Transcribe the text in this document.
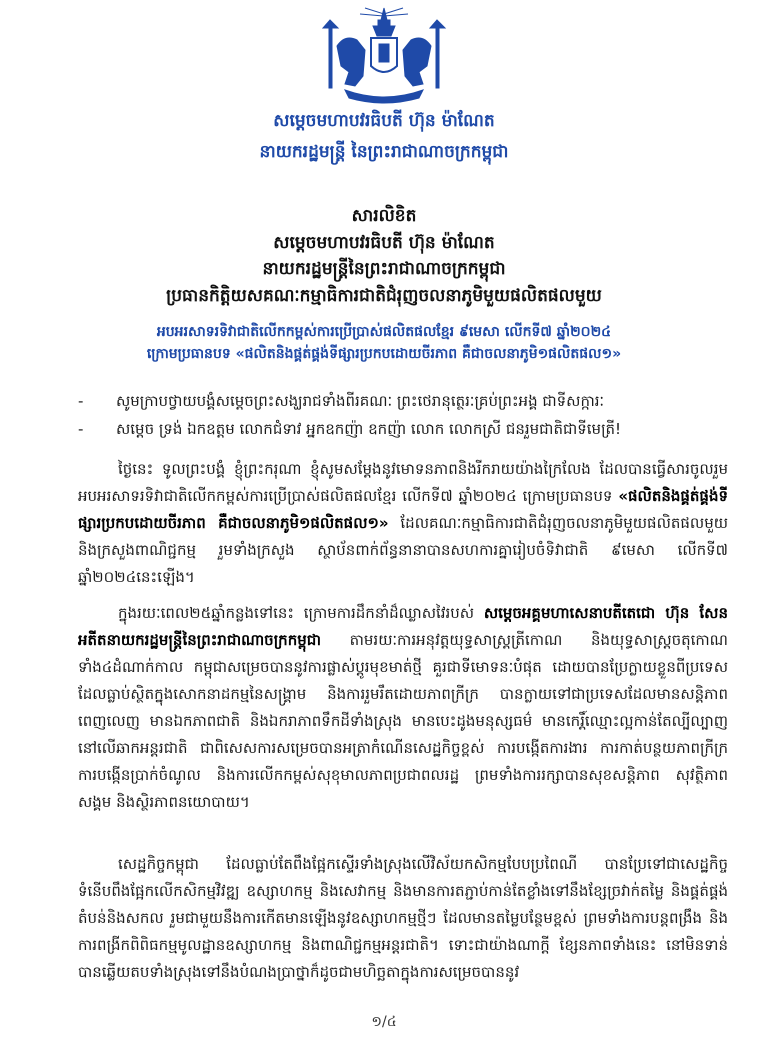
សម្តេចមហាបវរធិបតី ហ៊ុន ម៉ាណែត
នាយករដ្ឋមន្ត្រី នៃព្រះរាជាណាចក្រកម្ពុជា
សារលិខិត
សម្តេចមហាបវរធិបតី ហ៊ុន ម៉ាណែត
នាយករដ្ឋមន្ត្រីនៃព្រះរាជាណាចក្រកម្ពុជា
ប្រធានកិត្តិយសគណៈកម្មាធិការជាតិជំរុញចលនាភូមិមួយផលិតផលមួយ
អបអរសាទរទិវាជាតិលើកកម្ពស់ការប្រើប្រាស់ផលិតផលខ្មែរ ៩មេសា លើកទី៧ ឆ្នាំ២០២៤
ក្រោមប្រធានបទ «ផលិតនិងផ្គត់ផ្គង់ទីផ្សារប្រកបដោយចីរភាព គឺជាចលនាភូមិ១ផលិតផល១»
-	សូមក្រាបថ្វាយបង្គំសម្តេចព្រះសង្ឃរាជទាំងពីរគណៈ ព្រះថេរានុត្ថេរៈគ្រប់ព្រះអង្គ ជាទីសក្ការៈ
-	សម្តេច ទ្រង់ ឯកឧត្តម លោកជំទាវ អ្នកឧកញ៉ា ឧកញ៉ា លោក លោកស្រី ជនរួមជាតិជាទីមេត្រី!

ថ្ងៃនេះ ទូលព្រះបង្គំ ខ្ញុំព្រះករុណា ខ្ញុំសូមសម្តែងនូវមោទនភាពនិងរីករាយយ៉ាងក្រៃលែង ដែលបានធ្វើសារចូលរួមអបអរសាទរទិវាជាតិលើកកម្ពស់ការប្រើប្រាស់ផលិតផលខ្មែរ លើកទី៧ ឆ្នាំ២០២៤ ក្រោមប្រធានបទ «ផលិតនិងផ្គត់ផ្គង់ទីផ្សារប្រកបដោយចីរភាព គឺជាចលនាភូមិ១ផលិតផល១» ដែលគណៈកម្មាធិការជាតិជំរុញចលនាភូមិមួយផលិតផលមួយ និងក្រសួងពាណិជ្ជកម្ម រួមទាំងក្រសួង ស្ថាប័នពាក់ព័ន្ធនានាបានសហការគ្នារៀបចំទិវាជាតិ ៩មេសា លើកទី៧ ឆ្នាំ២០២៤នេះឡើង។

ក្នុងរយៈពេល២៥ឆ្នាំកន្លងទៅនេះ ក្រោមការដឹកនាំដ៏ឈ្លាសវៃរបស់ សម្តេចអគ្គមហាសេនាបតីតេជោ ហ៊ុន សែន អតីតនាយករដ្ឋមន្ត្រីនៃព្រះរាជាណាចក្រកម្ពុជា តាមរយៈការអនុវត្តយុទ្ធសាស្ត្រត្រីកោណ និងយុទ្ធសាស្ត្រចតុកោណទាំង៤ដំណាក់កាល កម្ពុជាសម្រេចបាននូវការផ្លាស់ប្តូរមុខមាត់ថ្មី គួរជាទីមោទនៈបំផុត ដោយបានប្រែក្លាយខ្លួនពីប្រទេសដែលធ្លាប់ស្ថិតក្នុងសោកនាដកម្មនៃសង្គ្រាម និងការរួមរឹតដោយភាពក្រីក្រ បានក្លាយទៅជាប្រទេសដែលមានសន្តិភាពពេញលេញ មានឯកភាពជាតិ និងឯករាភាពទឹកដីទាំងស្រុង មានបេះដូងមនុស្សធម៌ មានកេរ្តិ៍ឈ្មោះល្អកាន់តែល្បីល្បាញនៅលើឆាកអន្តរជាតិ ជាពិសេសការសម្រេចបានអត្រាកំណើនសេដ្ឋកិច្ចខ្ពស់ ការបង្កើតការងារ ការកាត់បន្ថយភាពក្រីក្រ ការបង្កើនប្រាក់ចំណូល និងការលើកកម្ពស់សុខុមាលភាពប្រជាពលរដ្ឋ ព្រមទាំងការរក្សាបានសុខសន្តិភាព សុវត្ថិភាពសង្គម និងស្ថិរភាពនយោបាយ។

សេដ្ឋកិច្ចកម្ពុជា ដែលធ្លាប់តែពឹងផ្អែកស្ទើរទាំងស្រុងលើវិស័យកសិកម្មបែបប្រពៃណី បានប្រែទៅជាសេដ្ឋកិច្ចទំនើបពឹងផ្អែកលើកសិកម្មវិវឌ្ឍ ឧស្សាហកម្ម និងសេវាកម្ម និងមានការតភ្ជាប់កាន់តែខ្លាំងទៅនឹងខ្សែច្រវាក់តម្លៃ និងផ្គត់ផ្គង់តំបន់និងសកល រួមជាមួយនឹងការកើតមានឡើងនូវឧស្សាហកម្មថ្មីៗ ដែលមានតម្លៃបន្ថែមខ្ពស់ ព្រមទាំងការបន្តពង្រឹង និងការពង្រីកពិពិធកម្មមូលដ្ឋានឧស្សាហកម្ម និងពាណិជ្ជកម្មអន្តរជាតិ។ ទោះជាយ៉ាងណាក្តី ខ្សែនភាពទាំងនេះ នៅមិនទាន់បានឆ្លើយតបទាំងស្រុងទៅនឹងបំណងប្រាថ្នាក៏ដូចជាមហិច្ឆតាក្នុងការសម្រេចបាននូវ

១/៤
